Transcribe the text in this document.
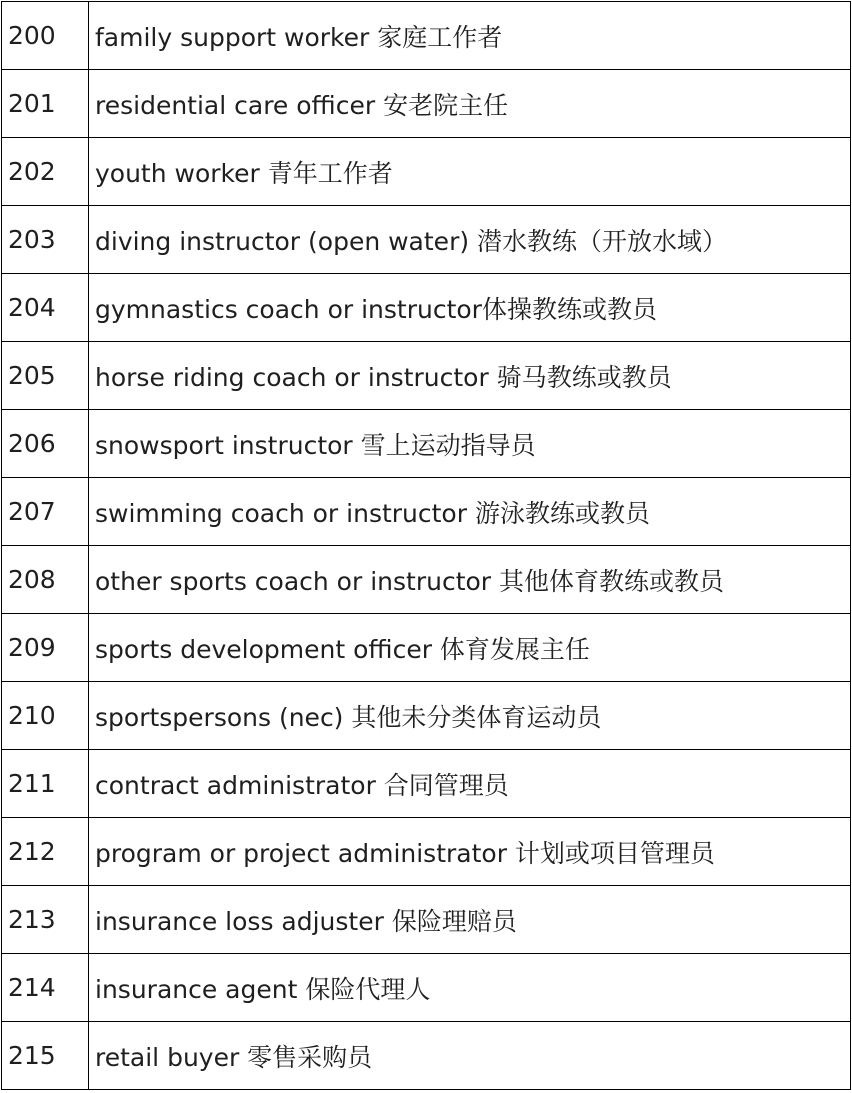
200	family support worker 家庭工作者
201	residential care officer 安老院主任
202	youth worker 青年工作者
203	diving instructor (open water) 潜水教练（开放水域）
204	gymnastics coach or instructor体操教练或教员
205	horse riding coach or instructor 骑马教练或教员
206	snowsport instructor 雪上运动指导员
207	swimming coach or instructor 游泳教练或教员
208	other sports coach or instructor 其他体育教练或教员
209	sports development officer 体育发展主任
210	sportspersons (nec) 其他未分类体育运动员
211	contract administrator 合同管理员
212	program or project administrator 计划或项目管理员
213	insurance loss adjuster 保险理赔员
214	insurance agent 保险代理人
215	retail buyer 零售采购员
